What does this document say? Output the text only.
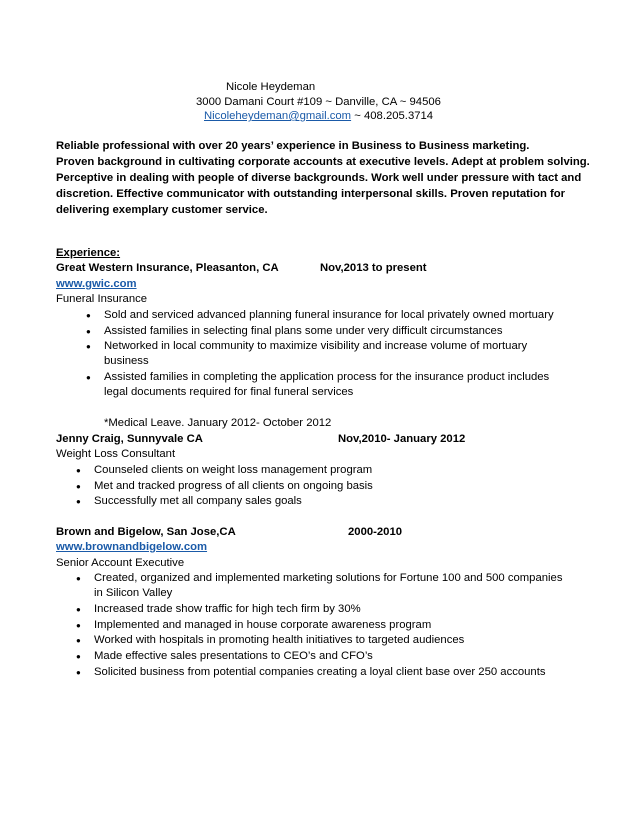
Nicole Heydeman
3000 Damani Court #109 ~ Danville, CA ~ 94506
Nicoleheydeman@gmail.com ~ 408.205.3714
Reliable professional with over 20 years’ experience in Business to Business marketing.
Proven background in cultivating corporate accounts at executive levels. Adept at problem solving.
Perceptive in dealing with people of diverse backgrounds. Work well under pressure with tact and
discretion. Effective communicator with outstanding interpersonal skills. Proven reputation for
delivering exemplary customer service.
Experience:
Great Western Insurance, Pleasanton, CA	Nov,2013 to present
www.gwic.com
Funeral Insurance
● Sold and serviced advanced planning funeral insurance for local privately owned mortuary
● Assisted families in selecting final plans some under very difficult circumstances
● Networked in local community to maximize visibility and increase volume of mortuary
business
● Assisted families in completing the application process for the insurance product includes
legal documents required for final funeral services
*Medical Leave. January 2012- October 2012
Jenny Craig, Sunnyvale CA	Nov,2010- January 2012
Weight Loss Consultant
● Counseled clients on weight loss management program
● Met and tracked progress of all clients on ongoing basis
● Successfully met all company sales goals
Brown and Bigelow, San Jose,CA	2000-2010
www.brownandbigelow.com
Senior Account Executive
● Created, organized and implemented marketing solutions for Fortune 100 and 500 companies
in Silicon Valley
● Increased trade show traffic for high tech firm by 30%
● Implemented and managed in house corporate awareness program
● Worked with hospitals in promoting health initiatives to targeted audiences
● Made effective sales presentations to CEO’s and CFO’s
● Solicited business from potential companies creating a loyal client base over 250 accounts
